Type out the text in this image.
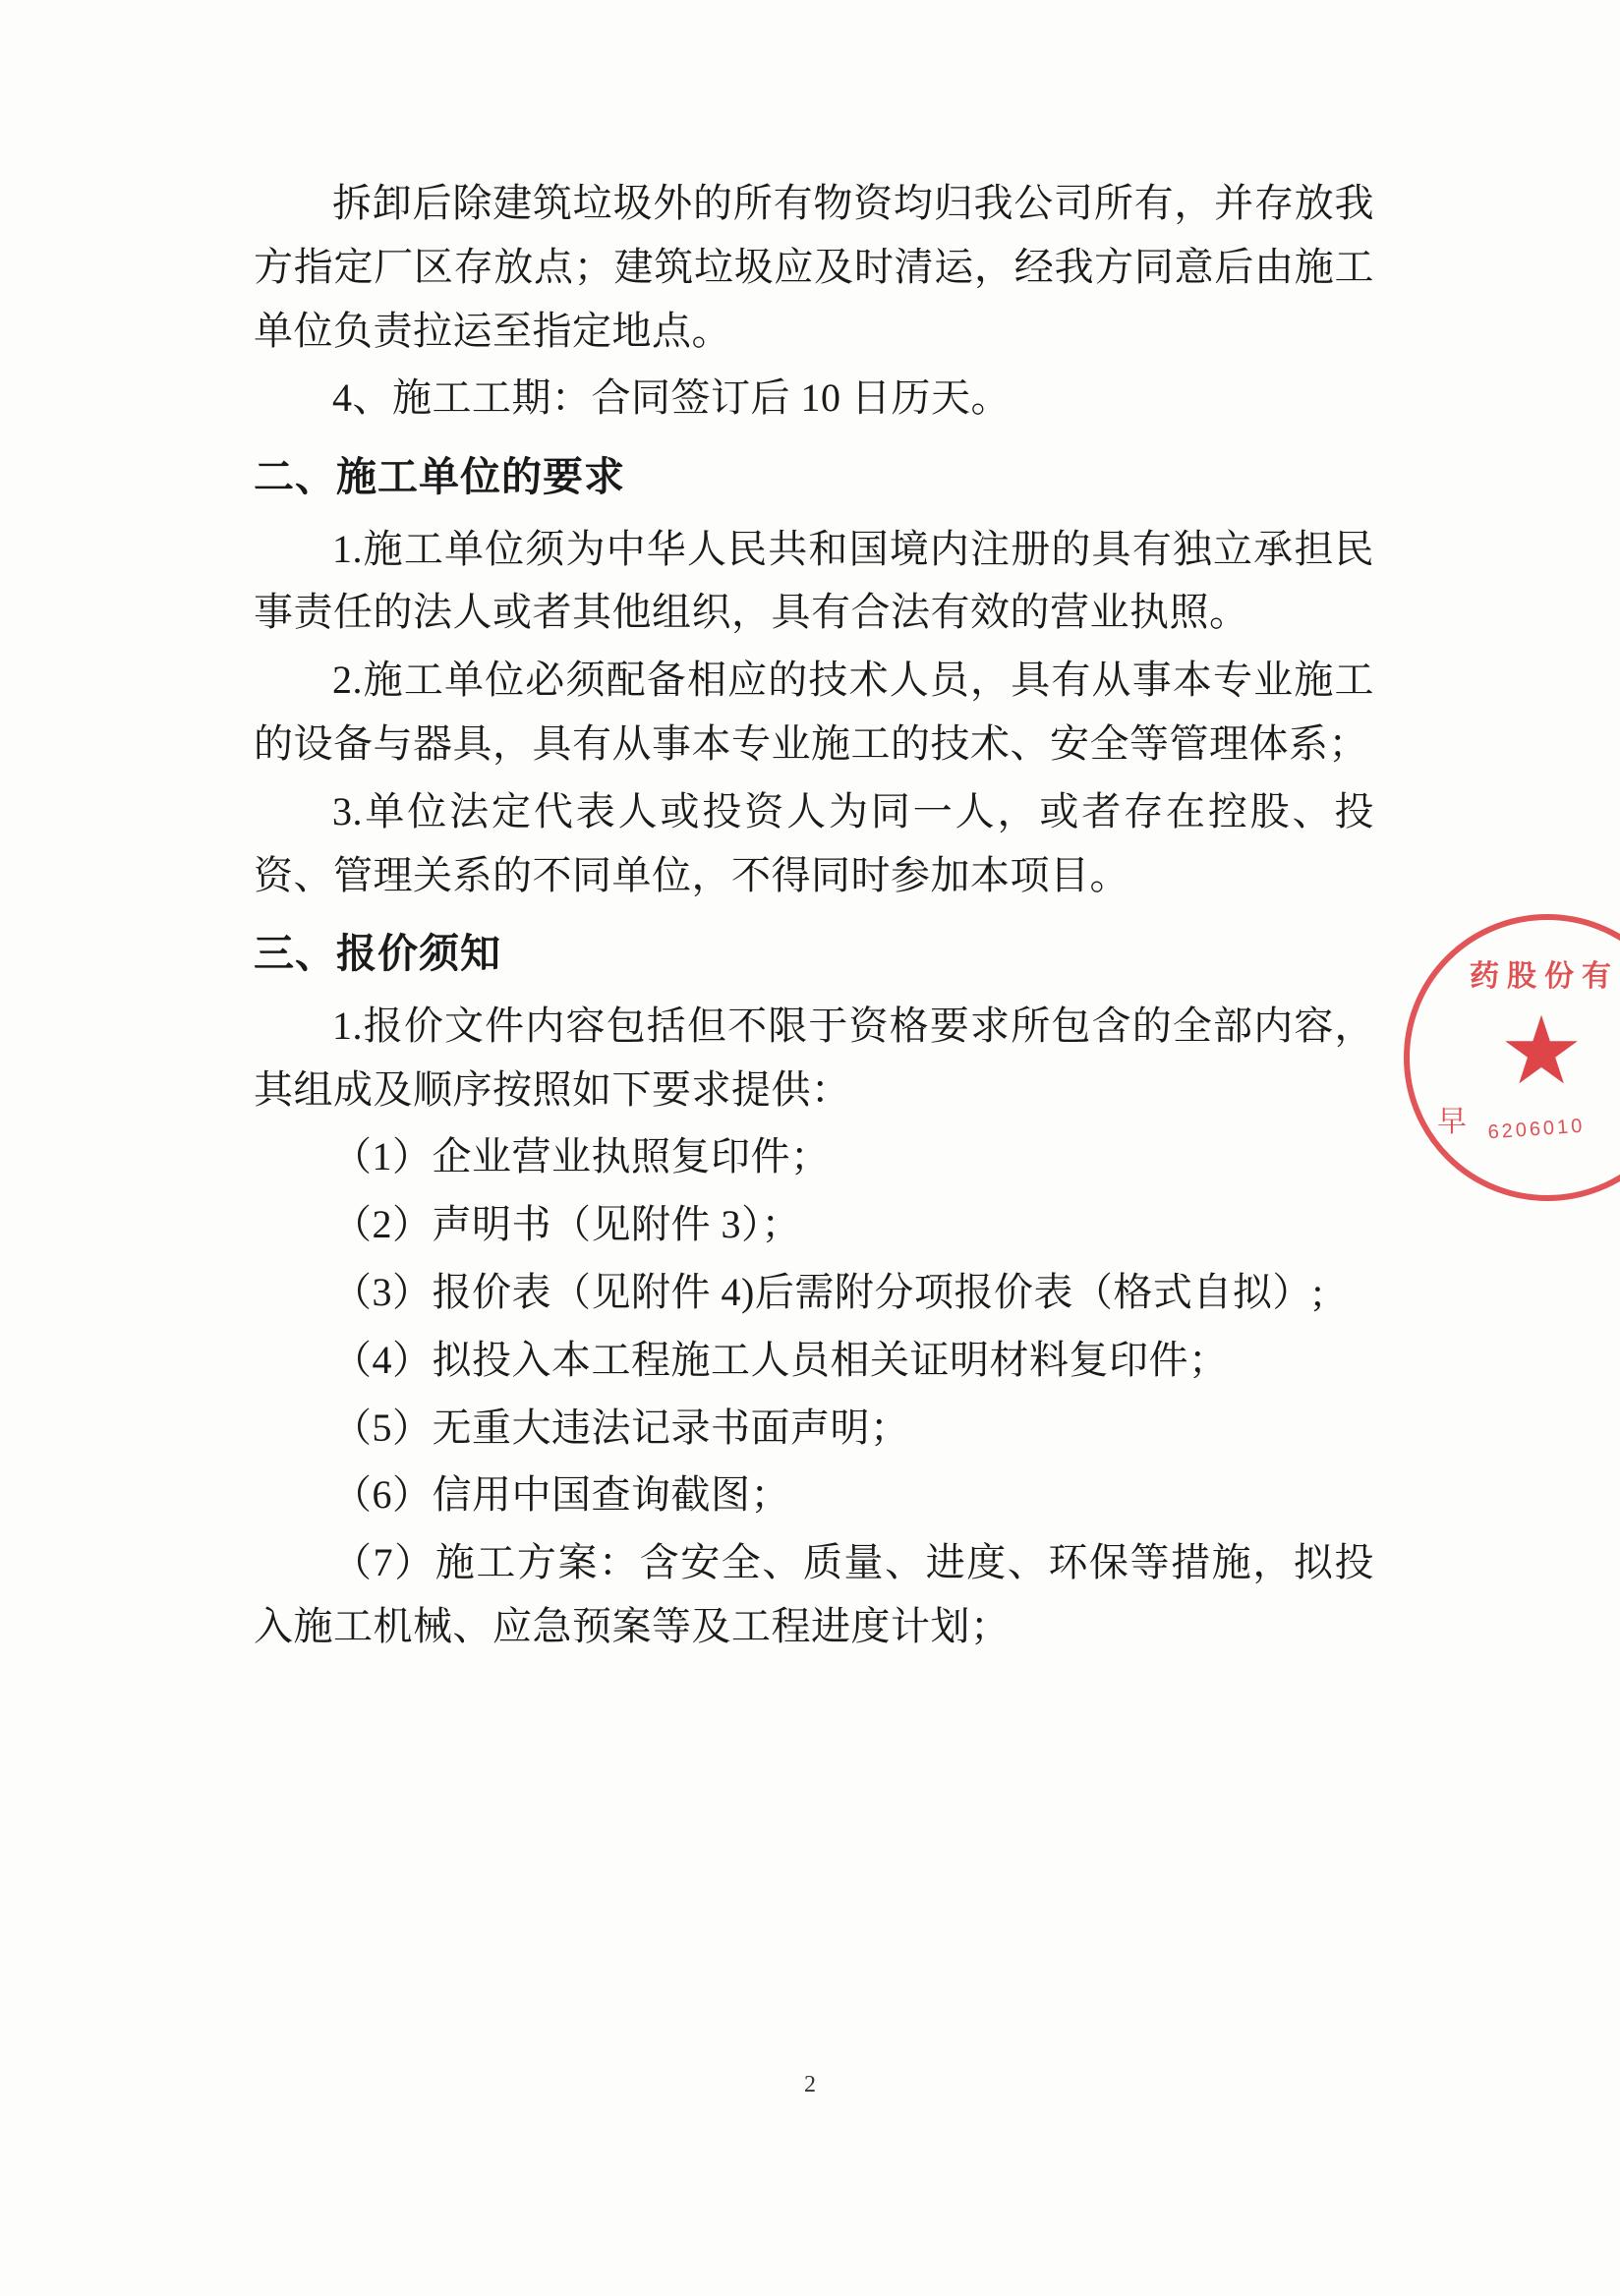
拆卸后除建筑垃圾外的所有物资均归我公司所有，并存放我方指定厂区存放点；建筑垃圾应及时清运，经我方同意后由施工单位负责拉运至指定地点。

4、施工工期：合同签订后 10 日历天。

二、施工单位的要求

1.施工单位须为中华人民共和国境内注册的具有独立承担民事责任的法人或者其他组织，具有合法有效的营业执照。

2.施工单位必须配备相应的技术人员，具有从事本专业施工的设备与器具，具有从事本专业施工的技术、安全等管理体系；

3.单位法定代表人或投资人为同一人，或者存在控股、投资、管理关系的不同单位，不得同时参加本项目。

三、报价须知

1.报价文件内容包括但不限于资格要求所包含的全部内容，其组成及顺序按照如下要求提供：

（1）企业营业执照复印件；

（2）声明书（见附件 3）；

（3）报价表（见附件 4)后需附分项报价表（格式自拟）;

（4）拟投入本工程施工人员相关证明材料复印件；

（5）无重大违法记录书面声明；

（6）信用中国查询截图；

（7）施工方案：含安全、质量、进度、环保等措施，拟投入施工机械、应急预案等及工程进度计划；

药股份有
★
早	6206010
2
